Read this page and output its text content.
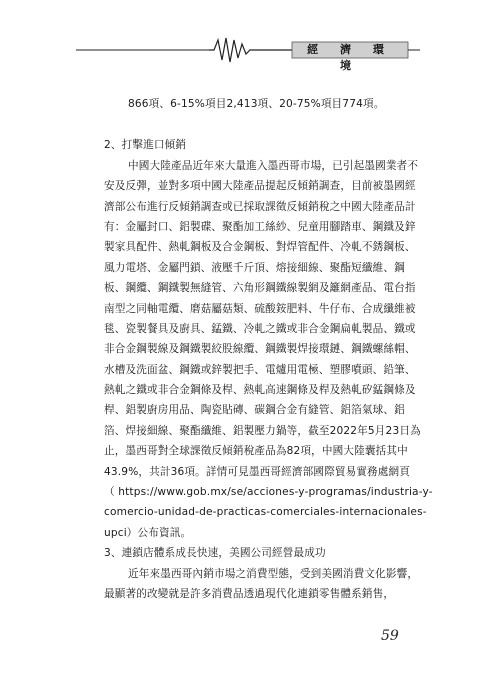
經 濟 環 境
866項、6-15%項目2,413項、20-75%項目774項。
2、打擊進口傾銷
中國大陸產品近年來大量進入墨西哥市場，已引起墨國業者不
安及反彈，並對多項中國大陸產品提起反傾銷調查，目前被墨國經
濟部公布進行反傾銷調查或已採取課徵反傾銷稅之中國大陸產品計
有：金屬封口、鋁製碟、聚酯加工絲紗、兒童用腳踏車、鋼鐵及鋅
製家具配件、熱軋鋼板及合金鋼板、對焊管配件、冷軋不銹鋼板、
風力電塔、金屬門鎖、液壓千斤頂、熔接細線、聚酯短纖維、鋼
板、鋼纜、鋼鐵製無縫管、六角形鋼鐵線製網及籬網產品、電台指
南型之同軸電纜、磨菇屬菇類、硫酸銨肥料、牛仔布、合成纖維被
毯、瓷製餐具及廚具、錳鐵、冷軋之鐵或非合金鋼扁軋製品、鐵或
非合金鋼製線及鋼鐵製絞股線纜、鋼鐵製焊接環鏈、鋼鐵螺絲帽、
水槽及洗面盆、鋼鐵或鋅製把手、電爐用電極、塑膠噴頭、鉛筆、
熱軋之鐵或非合金鋼條及桿、熱軋高速鋼條及桿及熱軋矽錳鋼條及
桿、鋁製廚房用品、陶瓷貼磚、碳鋼合金有縫管、鋁箔氣球、鋁
箔、焊接細線、聚酯纖維、鋁製壓力鍋等，截至2022年5月23日為
止，墨西哥對全球課徵反傾銷稅產品為82項，中國大陸囊括其中
43.9%，共計36項。詳情可見墨西哥經濟部國際貿易實務處網頁
（ https://www.gob.mx/se/acciones-y-programas/industria-y-
comercio-unidad-de-practicas-comerciales-internacionales-
upci）公布資訊。
3、連鎖店體系成長快速，美國公司經營最成功
近年來墨西哥內銷市場之消費型態，受到美國消費文化影響，
最顯著的改變就是許多消費品透過現代化連鎖零售體系銷售，
59
